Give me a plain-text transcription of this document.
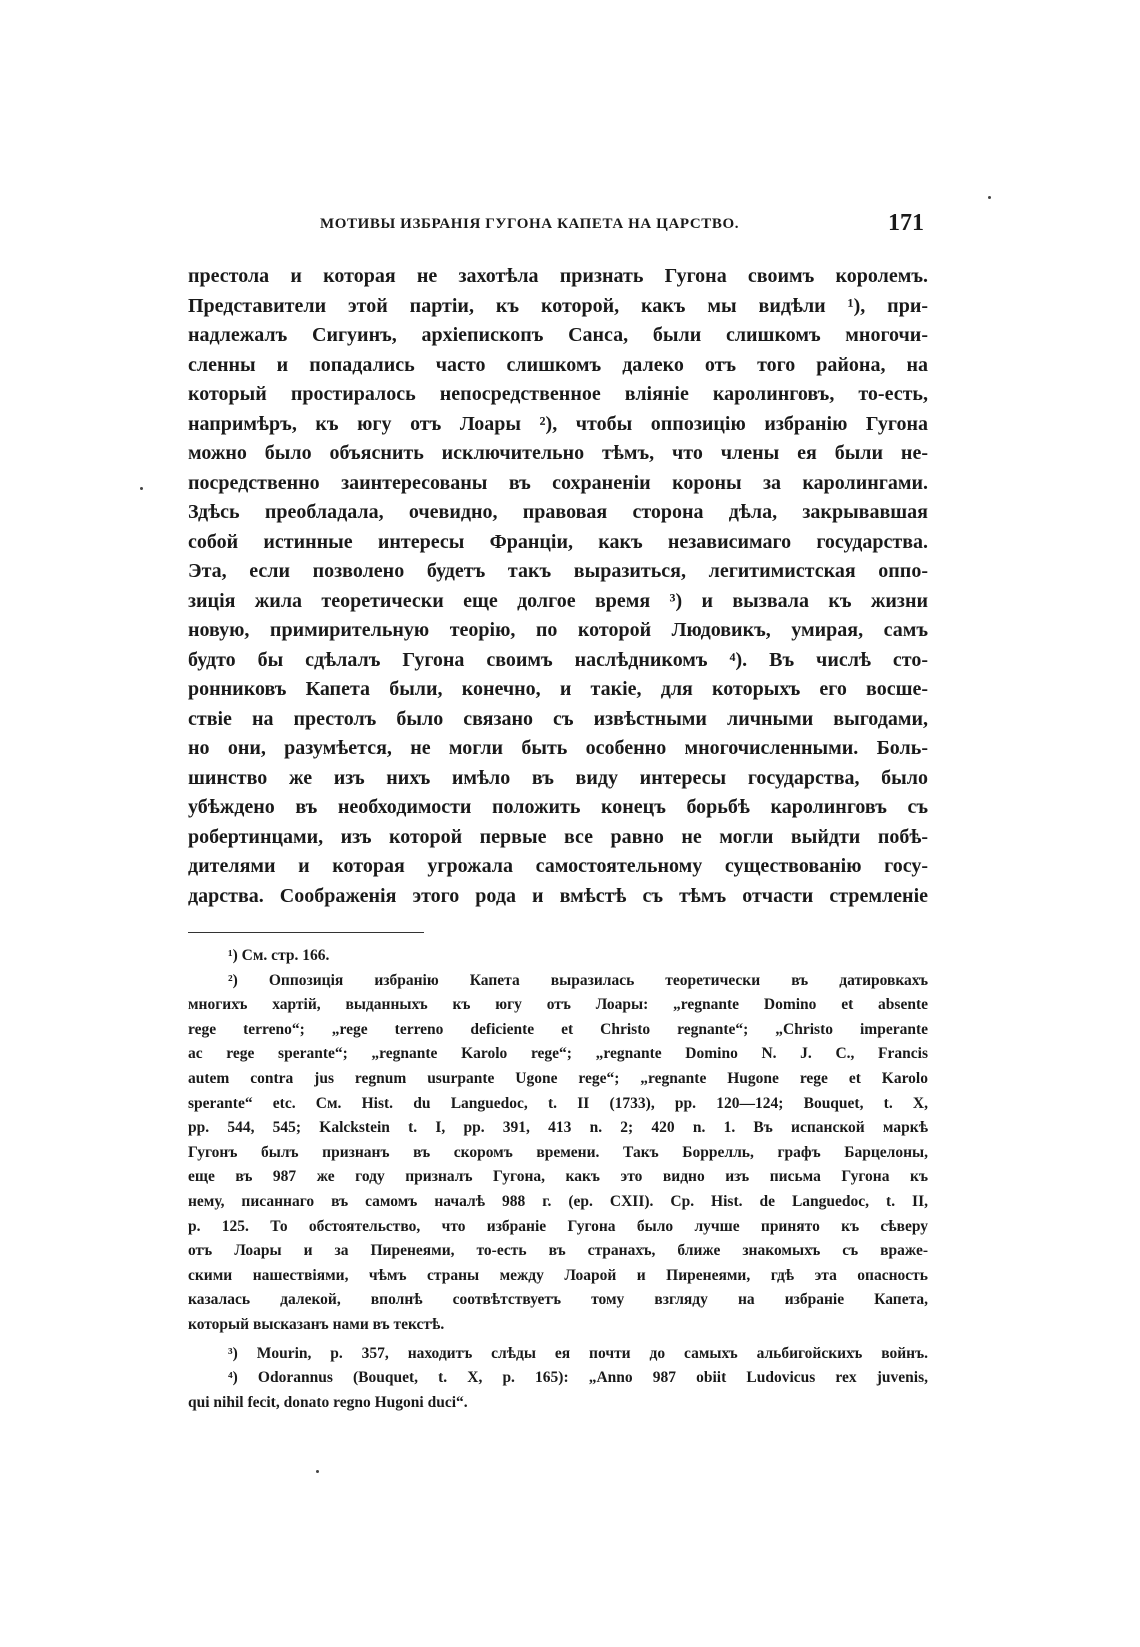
МОТИВЫ ИЗБРАНІЯ ГУГОНА КАПЕТА НА ЦАРСТВО.	171
престола и которая не захотѣла признать Гугона своимъ королемъ.
Представители этой партіи, къ которой, какъ мы видѣли ¹), при-
надлежалъ Сигуинъ, архіепископъ Санса, были слишкомъ многочи-
сленны и попадались часто слишкомъ далеко отъ того района, на
который простиралось непосредственное вліяніе каролинговъ, то-есть,
напримѣръ, къ югу отъ Лоары ²), чтобы оппозицію избранію Гугона
можно было объяснить исключительно тѣмъ, что члены ея были не-
посредственно заинтересованы въ сохраненіи короны за каролингами.
Здѣсь преобладала, очевидно, правовая сторона дѣла, закрывавшая
собой истинные интересы Франціи, какъ независимаго государства.
Эта, если позволено будетъ такъ выразиться, легитимистская оппо-
зиція жила теоретически еще долгое время ³) и вызвала къ жизни
новую, примирительную теорію, по которой Людовикъ, умирая, самъ
будто бы сдѣлалъ Гугона своимъ наслѣдникомъ ⁴). Въ числѣ сто-
ронниковъ Капета были, конечно, и такіе, для которыхъ его восше-
ствіе на престолъ было связано съ извѣстными личными выгодами,
но они, разумѣется, не могли быть особенно многочисленными. Боль-
шинство же изъ нихъ имѣло въ виду интересы государства, было
убѣждено въ необходимости положить конецъ борьбѣ каролинговъ съ
робертинцами, изъ которой первые все равно не могли выйдти побѣ-
дителями и которая угрожала самостоятельному существованію госу-
дарства. Соображенія этого рода и вмѣстѣ съ тѣмъ отчасти стремленіе
¹) См. стр. 166.
²) Оппозиція избранію Капета выразилась теоретически въ датировкахъ
многихъ хартій, выданныхъ къ югу отъ Лоары: „regnante Domino et absente
rege terreno“; „rege terreno deficiente et Christo regnante“; „Christo imperante
ac rege sperante“; „regnante Karolo rege“; „regnante Domino N. J. C., Francis
autem contra jus regnum usurpante Ugone rege“; „regnante Hugone rege et Karolo
sperante“ etc. См. Hist. du Languedoc, t. II (1733), pp. 120—124; Bouquet, t. X,
pp. 544, 545; Kalckstein t. I, pp. 391, 413 n. 2; 420 n. 1. Въ испанской маркѣ
Гугонъ былъ признанъ въ скоромъ времени. Такъ Боррелль, графъ Барцелоны,
еще въ 987 же году призналъ Гугона, какъ это видно изъ письма Гугона къ
нему, писаннаго въ самомъ началѣ 988 г. (ep. CXII). Ср. Hist. de Languedoc, t. II,
p. 125. То обстоятельство, что избраніе Гугона было лучше принято къ сѣверу
отъ Лоары и за Пиренеями, то-есть въ странахъ, ближе знакомыхъ съ враже-
скими нашествіями, чѣмъ страны между Лоарой и Пиренеями, гдѣ эта опасность
казалась далекой, вполнѣ соотвѣтствуетъ тому взгляду на избраніе Капета,
который высказанъ нами въ текстѣ.
³) Mourin, p. 357, находитъ слѣды ея почти до самыхъ альбигойскихъ войнъ.
⁴) Odorannus (Bouquet, t. X, p. 165): „Anno 987 obiit Ludovicus rex juvenis,
qui nihil fecit, donato regno Hugoni duci“.
